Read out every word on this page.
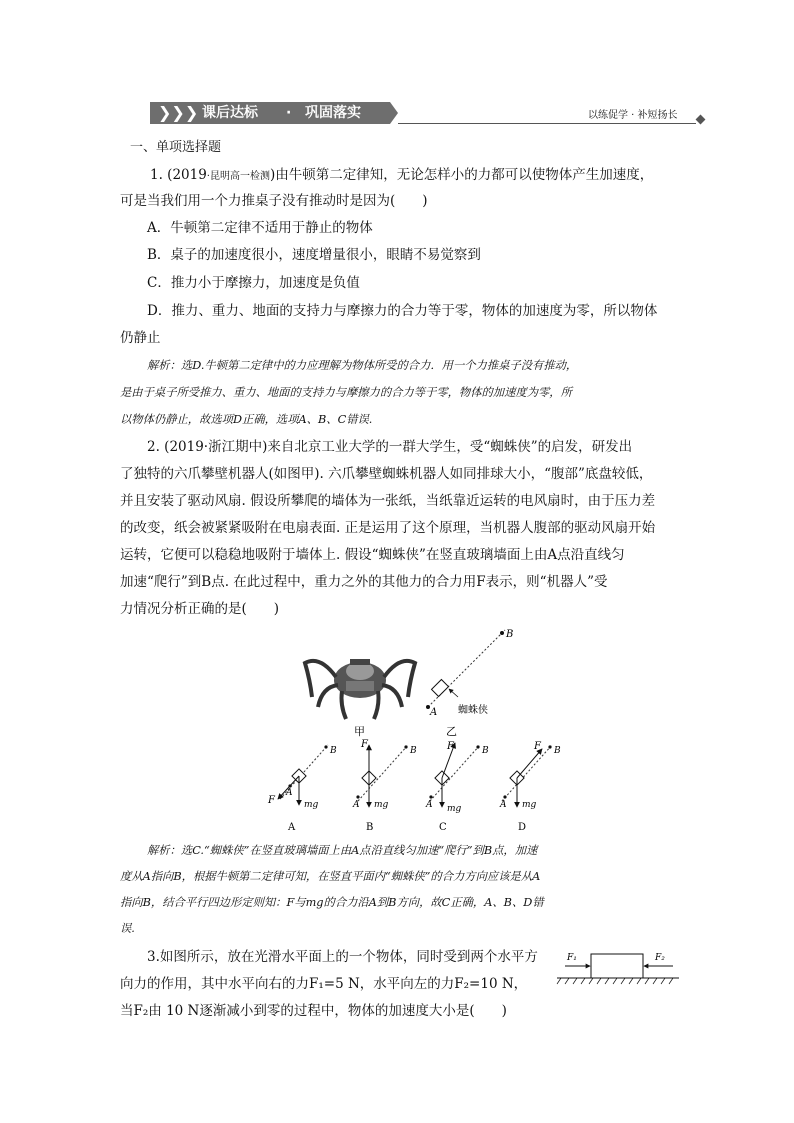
❯❯❯ 课后达标 · 巩固落实	以练促学 · 补短扬长
一、单项选择题
1. (2019·昆明高一检测)由牛顿第二定律知，无论怎样小的力都可以使物体产生加速度，
可是当我们用一个力推桌子没有推动时是因为(　　)
A．牛顿第二定律不适用于静止的物体
B．桌子的加速度很小，速度增量很小，眼睛不易觉察到
C．推力小于摩擦力，加速度是负值
D．推力、重力、地面的支持力与摩擦力的合力等于零，物体的加速度为零，所以物体
仍静止
解析：选D.牛顿第二定律中的力应理解为物体所受的合力．用一个力推桌子没有推动，
是由于桌子所受推力、重力、地面的支持力与摩擦力的合力等于零，物体的加速度为零，所
以物体仍静止，故选项D正确，选项A、B、C错误.
2. (2019·浙江期中)来自北京工业大学的一群大学生，受“蜘蛛侠”的启发，研发出
了独特的六爪攀壁机器人(如图甲). 六爪攀壁蜘蛛机器人如同排球大小，“腹部”底盘较低，
并且安装了驱动风扇. 假设所攀爬的墙体为一张纸，当纸靠近运转的电风扇时，由于压力差
的改变，纸会被紧紧吸附在电扇表面. 正是运用了这个原理，当机器人腹部的驱动风扇开始
运转，它便可以稳稳地吸附于墙体上. 假设“蜘蛛侠”在竖直玻璃墙面上由A点沿直线匀
加速“爬行”到B点. 在此过程中，重力之外的其他力的合力用F表示，则“机器人”受
力情况分析正确的是(　　)
甲
B
A 蜘蛛侠
乙
F
A
B
mg
A
F
A
B
mg
B
F
A
B
mg
C
F
A
B
mg
D
解析：选C.“蜘蛛侠”在竖直玻璃墙面上由A点沿直线匀加速“爬行”到B点，加速
度从A指向B，根据牛顿第二定律可知，在竖直平面内“蜘蛛侠”的合力方向应该是从A
指向B，结合平行四边形定则知：F与mg的合力沿A到B方向，故C正确，A、B、D错
误.
3.如图所示，放在光滑水平面上的一个物体，同时受到两个水平方
向力的作用，其中水平向右的力F₁=5 N，水平向左的力F₂=10 N，
当F₂由 10 N逐渐减小到零的过程中，物体的加速度大小是(　　)
F₁	F₂
